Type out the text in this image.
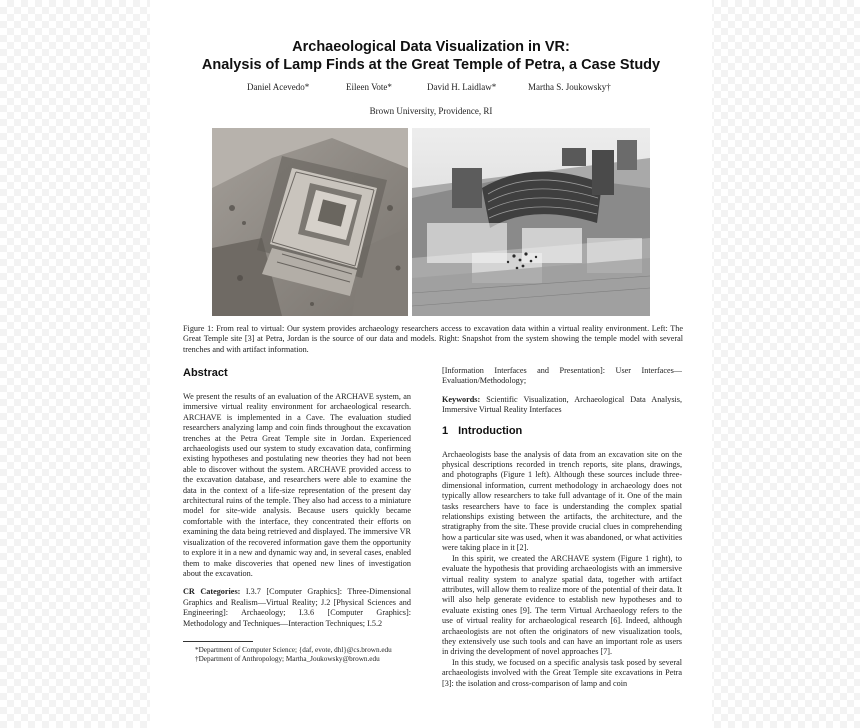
Archaeological Data Visualization in VR:
Analysis of Lamp Finds at the Great Temple of Petra, a Case Study
Daniel Acevedo*	Eileen Vote*	David H. Laidlaw*	Martha S. Joukowsky†
Brown University, Providence, RI
Figure 1: From real to virtual: Our system provides archaeology researchers access to excavation data within a virtual reality environment. Left: The Great Temple site [3] at Petra, Jordan is the source of our data and models. Right: Snapshot from the system showing the temple model with several trenches and with artifact information.
Abstract

We present the results of an evaluation of the ARCHAVE system, an immersive virtual reality environment for archaeological research. ARCHAVE is implemented in a Cave. The evaluation studied researchers analyzing lamp and coin finds throughout the excavation trenches at the Petra Great Temple site in Jordan. Experienced archaeologists used our system to study excavation data, confirming existing hypotheses and postulating new theories they had not been able to discover without the system. ARCHAVE provided access to the excavation database, and researchers were able to examine the data in the context of a life-size representation of the present day architectural ruins of the temple. They also had access to a miniature model for site-wide analysis. Because users quickly became comfortable with the interface, they concentrated their efforts on examining the data being retrieved and displayed. The immersive VR visualization of the recovered information gave them the opportunity to explore it in a new and dynamic way and, in several cases, enabled them to make discoveries that opened new lines of investigation about the excavation.

CR Categories: I.3.7 [Computer Graphics]: Three-Dimensional Graphics and Realism—Virtual Reality; J.2 [Physical Sciences and Engineering]: Archaeology; I.3.6 [Computer Graphics]: Methodology and Techniques—Interaction Techniques; I.5.2

*Department of Computer Science; {daf, evote, dhl}@cs.brown.edu
†Department of Anthropology; Martha_Joukowsky@brown.edu

[Information Interfaces and Presentation]: User Interfaces—Evaluation/Methodology;

Keywords: Scientific Visualization, Archaeological Data Analysis, Immersive Virtual Reality Interfaces

1 Introduction

Archaeologists base the analysis of data from an excavation site on the physical descriptions recorded in trench reports, site plans, drawings, and photographs (Figure 1 left). Although these sources include three-dimensional information, current methodology in archaeology does not typically allow researchers to take full advantage of it. One of the main tasks researchers have to face is understanding the complex spatial relationships existing between the artifacts, the architecture, and the stratigraphy from the site. These provide crucial clues in comprehending how a particular site was used, when it was abandoned, or what activities were taking place in it [2].

In this spirit, we created the ARCHAVE system (Figure 1 right), to evaluate the hypothesis that providing archaeologists with an immersive virtual reality system to analyze spatial data, together with artifact attributes, will allow them to realize more of the potential of their data. It will also help generate evidence to establish new hypotheses and to evaluate existing ones [9]. The term Virtual Archaeology refers to the use of virtual reality for archaeological research [6]. Indeed, although archaeologists are not often the originators of new visualization tools, they extensively use such tools and can have an important role as users in driving the development of novel approaches [7].

In this study, we focused on a specific analysis task posed by several archaeologists involved with the Great Temple site excavations in Petra [3]: the isolation and cross-comparison of lamp and coin
